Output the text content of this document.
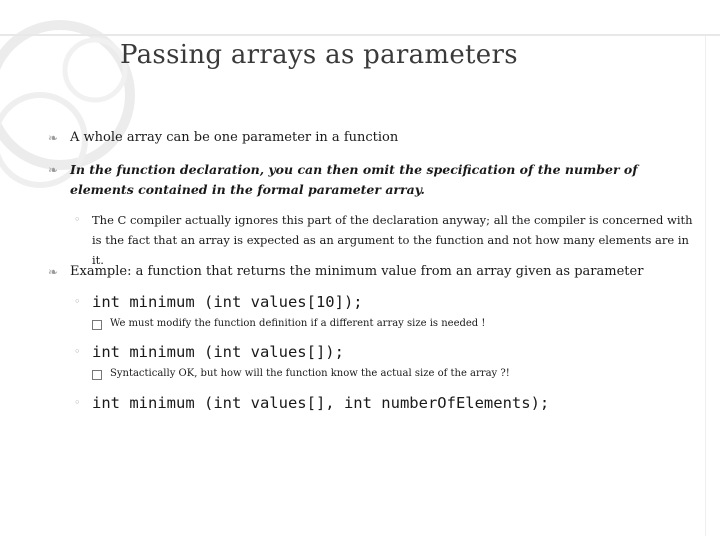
Passing arrays as parameters
❧ A whole array can be one parameter in a function
❧ In the function declaration, you can then omit the specification of the number of elements contained in the formal parameter array.
◦	The C compiler actually ignores this part of the declaration anyway; all the compiler is concerned with is the fact that an array is expected as an argument to the function and not how many elements are in it.
❧ Example: a function that returns the minimum value from an array given as parameter
◦ int minimum (int values[10]);
We must modify the function definition if a different array size is needed !
◦ int minimum (int values[]);
Syntactically OK, but how will the function know the actual size of the array ?!
◦ int minimum (int values[], int numberOfElements);
